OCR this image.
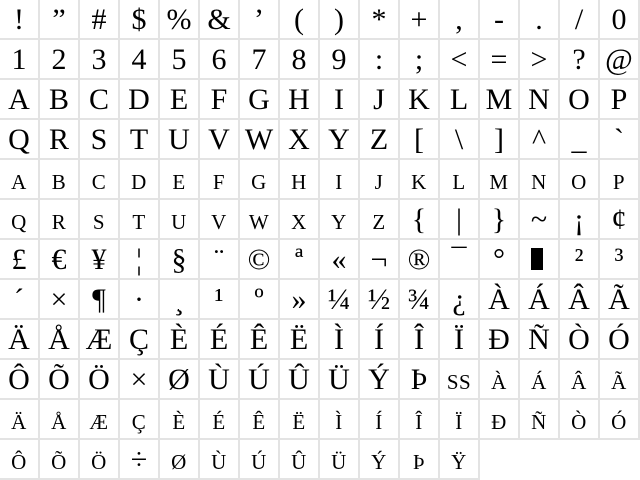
! ” # $ % & ’	(	) * + ,	-	.	/ 0
1 2 3 4 5 6 7 8 9 :	; < = > ? @
A B C D E F G H I J K L M N O P
Q R S T U V W X Y Z [	\	] ^ _ `
A	B	C	D	E	F	G	H	I	J	K	L	M	N	O	P
Q	R	S	T	U	V	W	X	Y	Z { | } ~ ¡ ¢
£ € ¥ ¦ § ¨ © ª « ¬ ® ¯ °	²	³
´ × ¶ ·	¸	¹	º » ¼ ½ ¾ ¿ À Á Â Ã
Ä Å Æ Ç È É Ê Ë Ì	Í	Î	Ï Ð Ñ Ò Ó
Ô Õ Ö × Ø Ù Ú Û Ü Ý Þ SS À	Á	Â	Ã
Ä	Å	Æ	Ç	È	É	Ê	Ë	Ì	Í	Î	Ï	Ð	Ñ	Ò	Ó
Ô	Õ	Ö ÷	Ø	Ù	Ú	Û	Ü	Ý	Þ	Ÿ
